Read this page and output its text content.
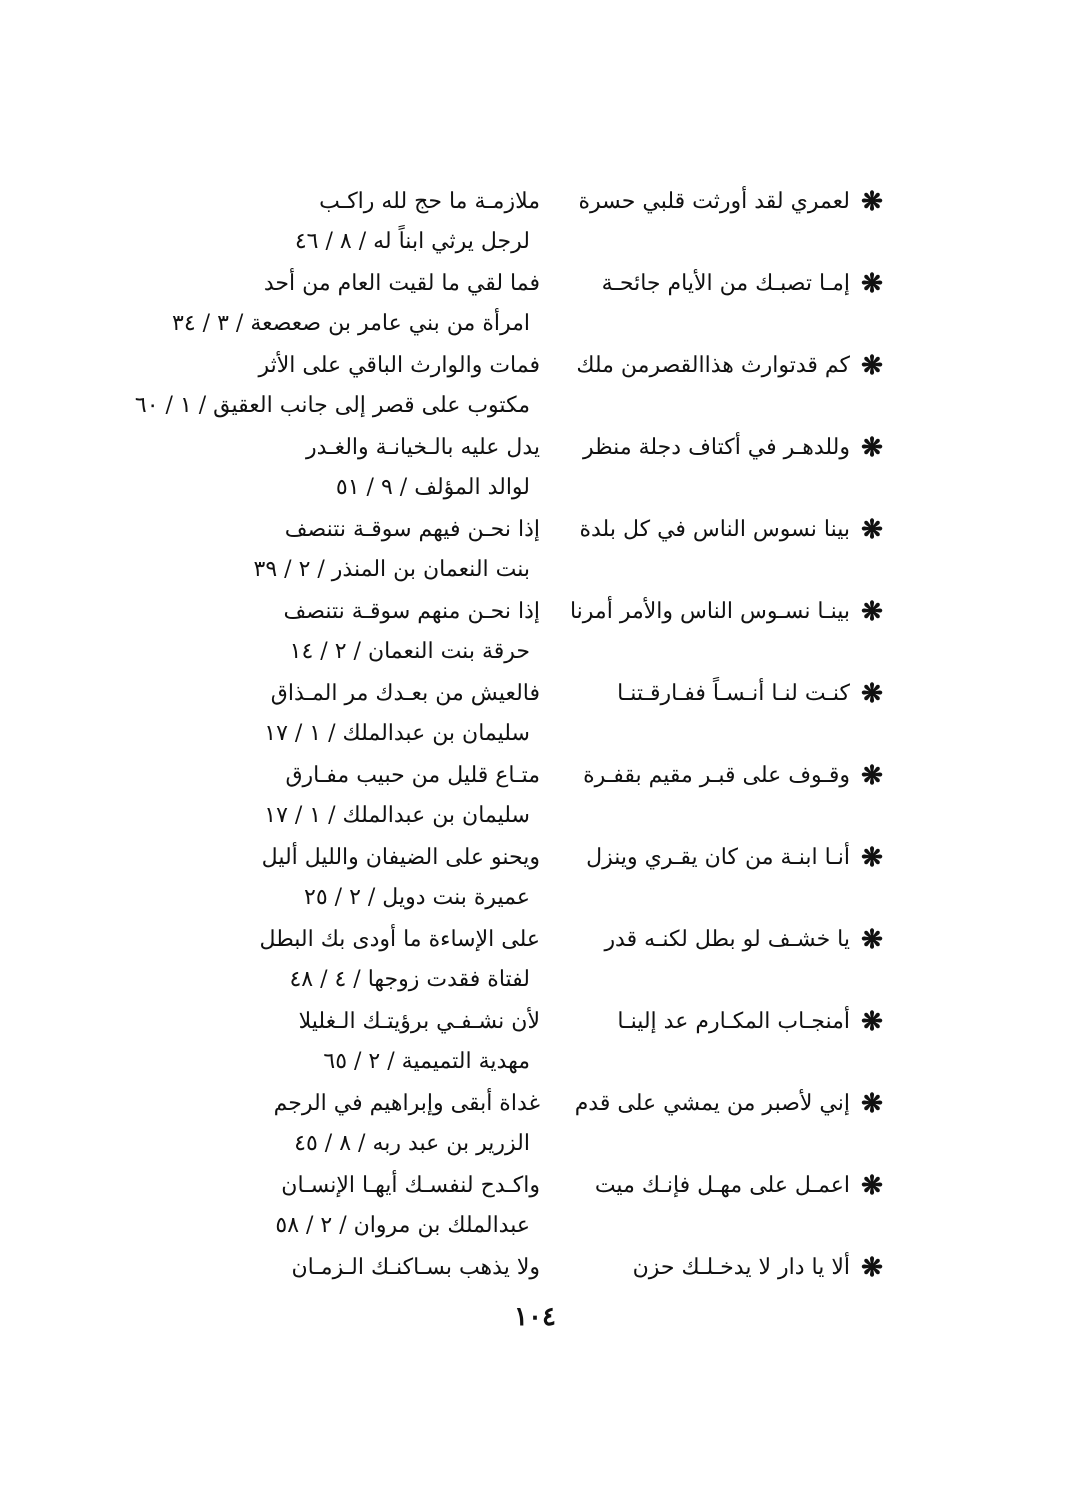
❋
لعمري لقد أورثت قلبي حسرة
ملازمـة ما حج لله راكـب
لرجل يرثي ابناً له / ٨ / ٤٦
❋
إمـا تصبـك من الأيام جائحـة
فما لقي ما لقيت العام من أحد
امرأة من بني عامر بن صعصعة / ٣ / ٣٤
❋
كم قدتوارث هذاالقصرمن ملك
فمات والوارث الباقي على الأثر
مكتوب على قصر إلى جانب العقيق / ١ / ٦٠
❋
وللدهـر في أكتاف دجلة منظر
يدل عليه بالـخيانـة والغـدر
لوالد المؤلف / ٩ / ٥١
❋
بينا نسوس الناس في كل بلدة
إذا نحـن فيهم سوقـة نتنصف
بنت النعمان بن المنذر / ٢ / ٣٩
❋
بينـا نسـوس الناس والأمر أمرنا
إذا نحـن منهم سوقـة نتنصف
حرقة بنت النعمان / ٢ / ١٤
❋
كنـت لنـا أنـسـاً ففـارقـتنـا
فالعيش من بعـدك مر المـذاق
سليمان بن عبدالملك / ١ / ١٧
❋
وقـوف على قبـر مقيم بقفـرة
متـاع قليل من حبيب مفـارق
سليمان بن عبدالملك / ١ / ١٧
❋
أنـا ابنـة من كان يقـري وينزل
ويحنو على الضيفان والليل أليل
عميرة بنت دويل / ٢ / ٢٥
❋
يا خشـف لو بطل لكنـه قدر
على الإساءة ما أودى بك البطل
لفتاة فقدت زوجها / ٤ / ٤٨
❋
أمنجـاب المكـارم عد إلينـا
لأن نشـفـي برؤيتـك الـغليلا
مهدية التميمية / ٢ / ٦٥
❋
إني لأصبر من يمشي على قدم
غداة أبقى وإبراهيم في الرجم
الزرير بن عبد ربه / ٨ / ٤٥
❋
اعمـل على مهـل فإنـك ميت
واكـدح لنفسـك أيهـا الإنسـان
عبدالملك بن مروان / ٢ / ٥٨
❋
ألا يا دار لا يدخـلـك حزن
ولا يذهب بسـاكنـك الـزمـان
١٠٤
